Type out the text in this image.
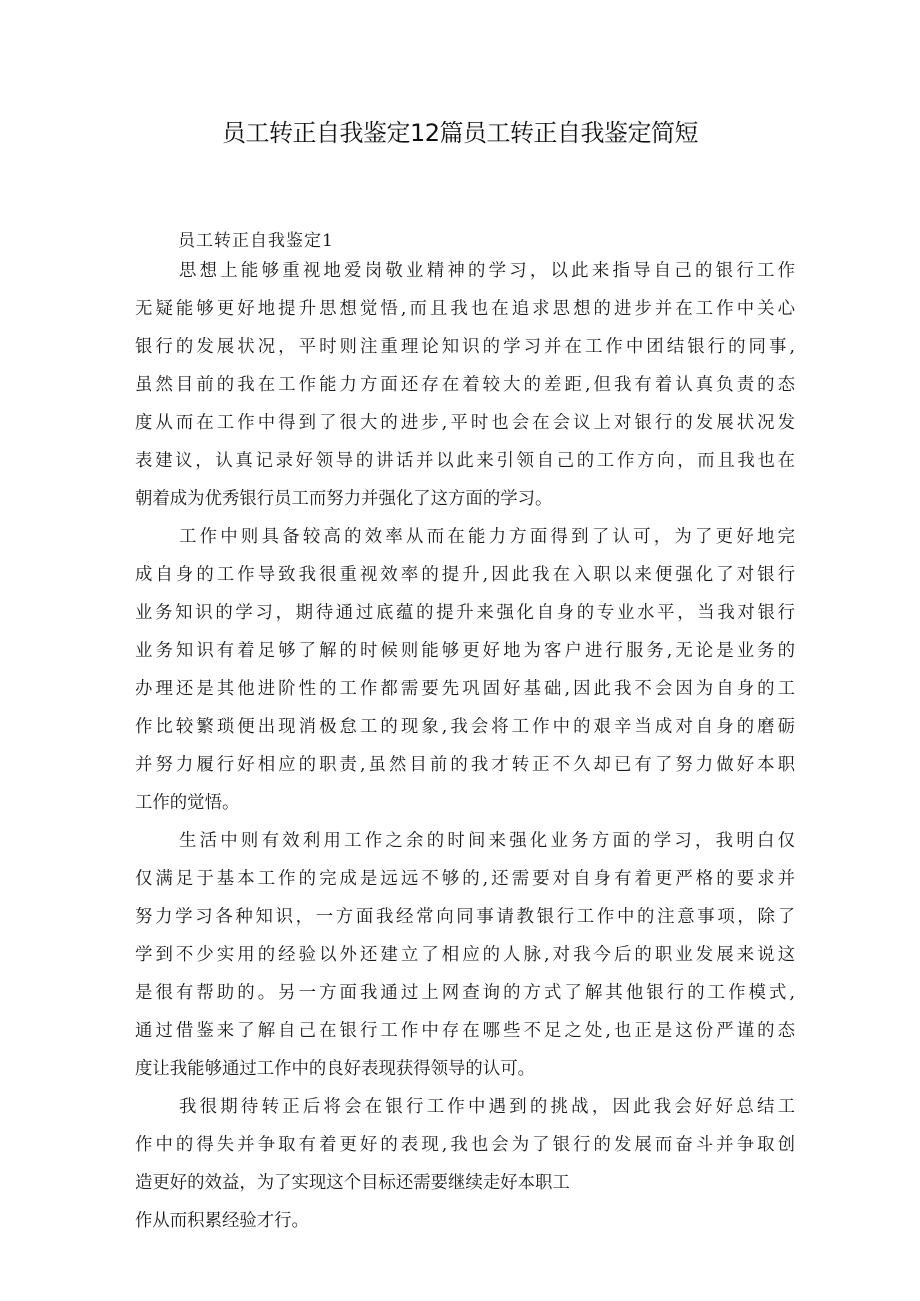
员工转正自我鉴定12篇员工转正自我鉴定简短
员工转正自我鉴定1
思想上能够重视地爱岗敬业精神的学习，以此来指导自己的银行工作
无疑能够更好地提升思想觉悟,而且我也在追求思想的进步并在工作中关心
银行的发展状况，平时则注重理论知识的学习并在工作中团结银行的同事,
虽然目前的我在工作能力方面还存在着较大的差距,但我有着认真负责的态
度从而在工作中得到了很大的进步,平时也会在会议上对银行的发展状况发
表建议，认真记录好领导的讲话并以此来引领自己的工作方向，而且我也在
朝着成为优秀银行员工而努力并强化了这方面的学习。
工作中则具备较高的效率从而在能力方面得到了认可，为了更好地完
成自身的工作导致我很重视效率的提升,因此我在入职以来便强化了对银行
业务知识的学习，期待通过底蕴的提升来强化自身的专业水平，当我对银行
业务知识有着足够了解的时候则能够更好地为客户进行服务,无论是业务的
办理还是其他进阶性的工作都需要先巩固好基础,因此我不会因为自身的工
作比较繁琐便出现消极怠工的现象,我会将工作中的艰辛当成对自身的磨砺
并努力履行好相应的职责,虽然目前的我才转正不久却已有了努力做好本职
工作的觉悟。
生活中则有效利用工作之余的时间来强化业务方面的学习，我明白仅
仅满足于基本工作的完成是远远不够的,还需要对自身有着更严格的要求并
努力学习各种知识，一方面我经常向同事请教银行工作中的注意事项，除了
学到不少实用的经验以外还建立了相应的人脉,对我今后的职业发展来说这
是很有帮助的。另一方面我通过上网查询的方式了解其他银行的工作模式,
通过借鉴来了解自己在银行工作中存在哪些不足之处,也正是这份严谨的态
度让我能够通过工作中的良好表现获得领导的认可。
我很期待转正后将会在银行工作中遇到的挑战，因此我会好好总结工
作中的得失并争取有着更好的表现,我也会为了银行的发展而奋斗并争取创
造更好的效益，为了实现这个目标还需要继续走好本职工
作从而积累经验才行。
